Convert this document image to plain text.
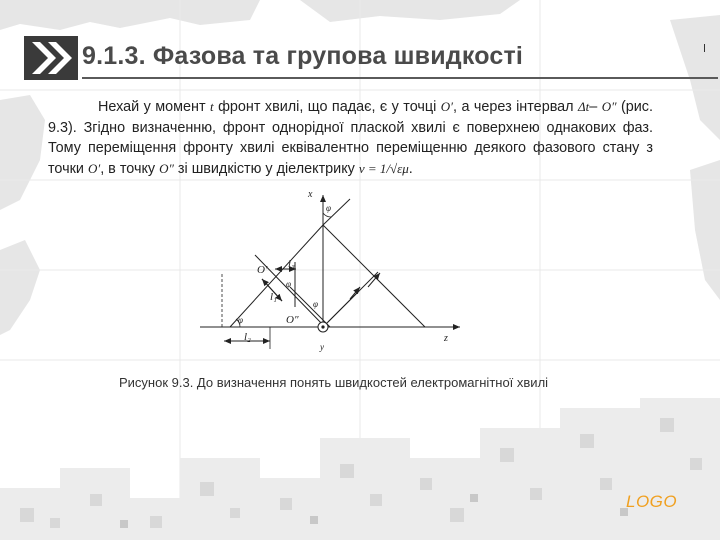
9.1.3. Фазова та групова швидкості
Нехай у момент t фронт хвилі, що падає, є у точці O′, а через інтервал Δt– O″ (рис. 9.3). Згідно визначенню, фронт однорідної плаской хвилі є поверхнею однакових фаз. Тому переміщення фронту хвилі еквівалентно переміщенню деякого фазового стану з точки O′, в точку O″ зі швидкістю у діелектрику v = 1/√εμ.
x
z
y
O′
O″
l₁
l₂
l₃
φ
φ
φ
φ
Рисунок 9.3. До визначення понять швидкостей електромагнітної хвилі
LOGO
